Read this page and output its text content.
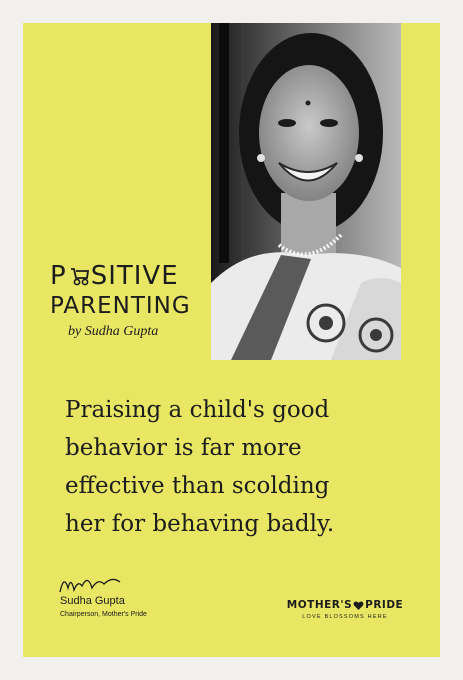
P SITIVE
PARENTING
by Sudha Gupta
Praising a child's good
behavior is far more
effective than scolding
her for behaving badly.
Sudha Gupta
Chairperson, Mother's Pride
MOTHER'S PRIDE
LOVE BLOSSOMS HERE
